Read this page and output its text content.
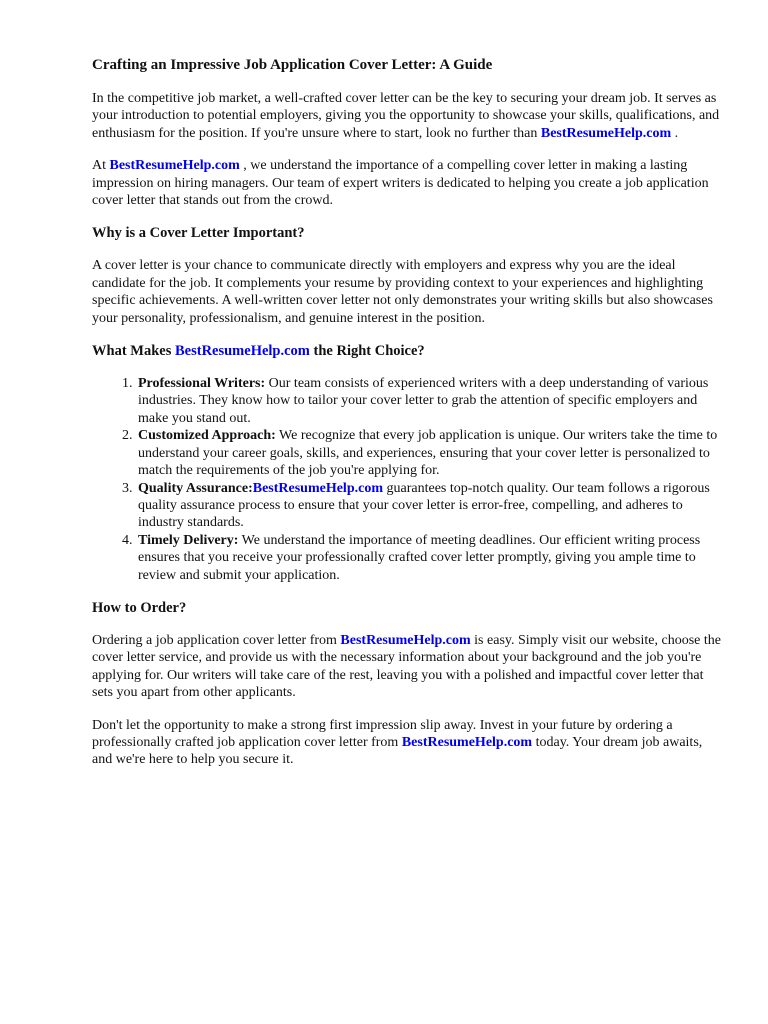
Crafting an Impressive Job Application Cover Letter: A Guide

In the competitive job market, a well-crafted cover letter can be the key to securing your dream job. It serves as your introduction to potential employers, giving you the opportunity to showcase your skills, qualifications, and enthusiasm for the position. If you're unsure where to start, look no further than BestResumeHelp.com .

At BestResumeHelp.com , we understand the importance of a compelling cover letter in making a lasting impression on hiring managers. Our team of expert writers is dedicated to helping you create a job application cover letter that stands out from the crowd.

Why is a Cover Letter Important?

A cover letter is your chance to communicate directly with employers and express why you are the ideal candidate for the job. It complements your resume by providing context to your experiences and highlighting specific achievements. A well-written cover letter not only demonstrates your writing skills but also showcases your personality, professionalism, and genuine interest in the position.

What Makes BestResumeHelp.com the Right Choice?
1. Professional Writers: Our team consists of experienced writers with a deep understanding of various industries. They know how to tailor your cover letter to grab the attention of specific employers and make you stand out.
2. Customized Approach: We recognize that every job application is unique. Our writers take the time to understand your career goals, skills, and experiences, ensuring that your cover letter is personalized to match the requirements of the job you're applying for.
3. Quality Assurance:BestResumeHelp.com guarantees top-notch quality. Our team follows a rigorous quality assurance process to ensure that your cover letter is error-free, compelling, and adheres to industry standards.
4. Timely Delivery: We understand the importance of meeting deadlines. Our efficient writing process ensures that you receive your professionally crafted cover letter promptly, giving you ample time to review and submit your application.
How to Order?

Ordering a job application cover letter from BestResumeHelp.com is easy. Simply visit our website, choose the cover letter service, and provide us with the necessary information about your background and the job you're applying for. Our writers will take care of the rest, leaving you with a polished and impactful cover letter that sets you apart from other applicants.

Don't let the opportunity to make a strong first impression slip away. Invest in your future by ordering a professionally crafted job application cover letter from BestResumeHelp.com today. Your dream job awaits, and we're here to help you secure it.
